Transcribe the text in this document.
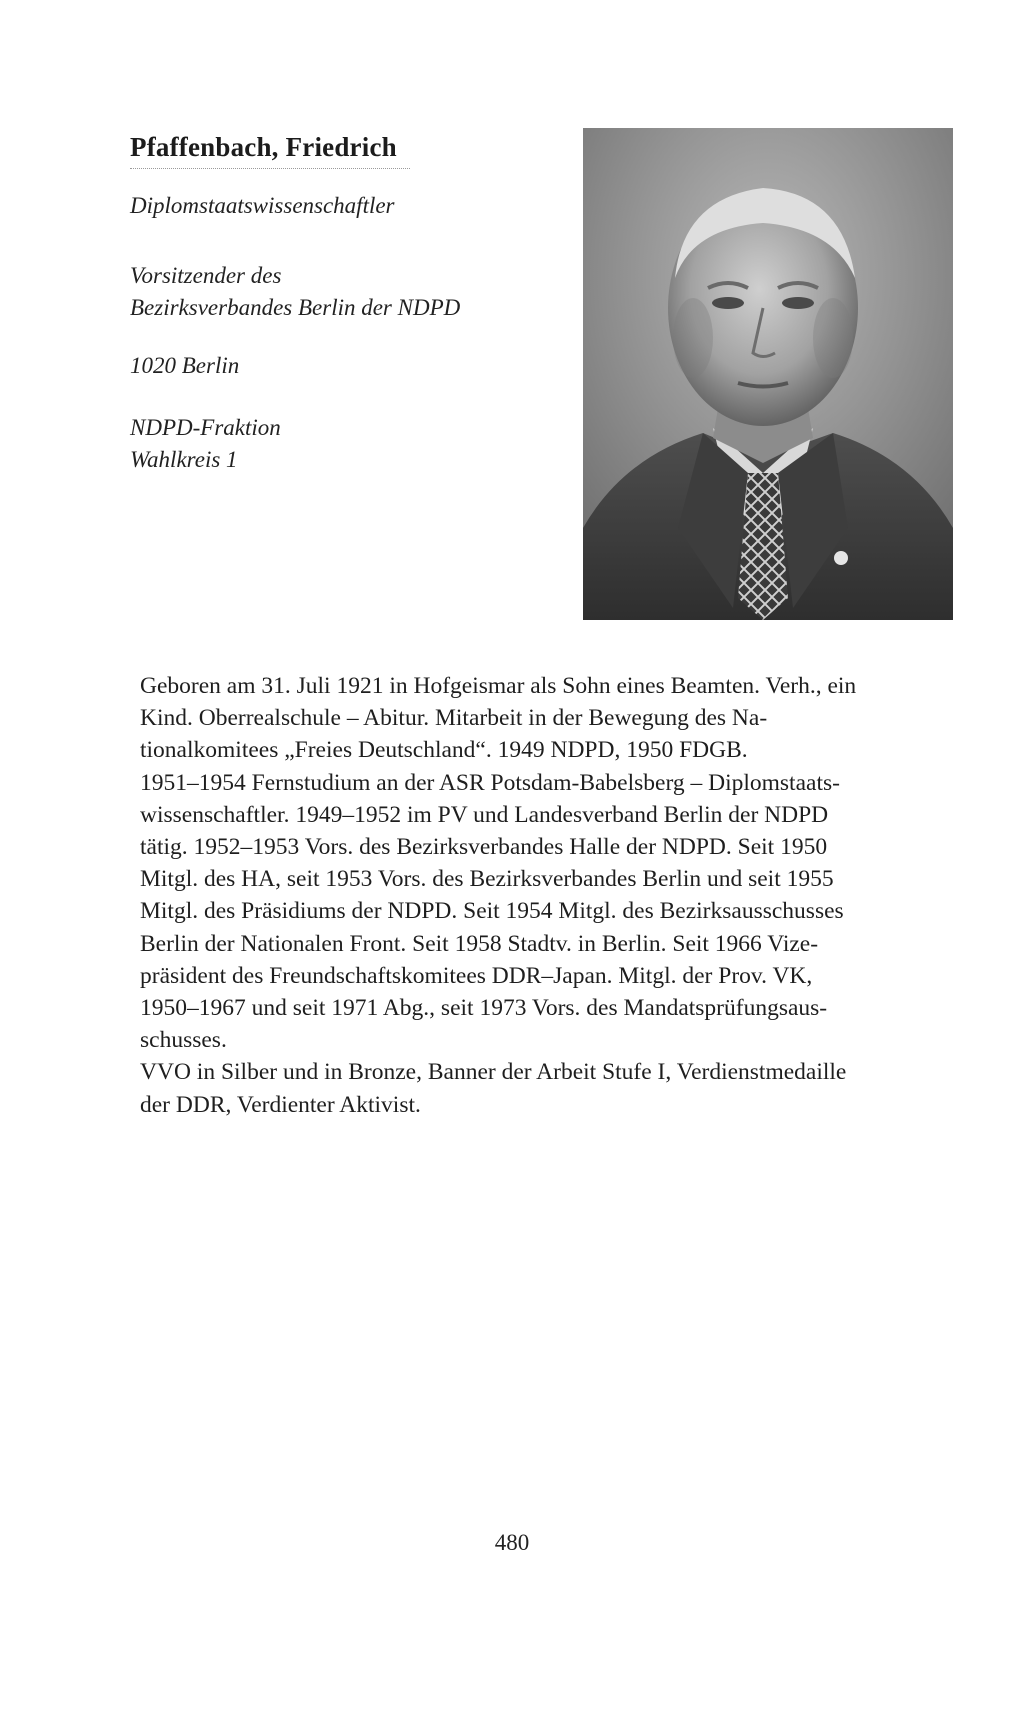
Pfaffenbach, Friedrich

Diplomstaatswissenschaftler

Vorsitzender des
Bezirksverbandes Berlin der NDPD

1020 Berlin

NDPD-Fraktion
Wahlkreis 1

Geboren am 31. Juli 1921 in Hofgeismar als Sohn eines Beamten. Verh., ein

Kind. Oberrealschule – Abitur. Mitarbeit in der Bewegung des Na-

tionalkomitees „Freies Deutschland“. 1949 NDPD, 1950 FDGB.

1951–1954 Fernstudium an der ASR Potsdam-Babelsberg – Diplomstaats-

wissenschaftler. 1949–1952 im PV und Landesverband Berlin der NDPD

tätig. 1952–1953 Vors. des Bezirksverbandes Halle der NDPD. Seit 1950

Mitgl. des HA, seit 1953 Vors. des Bezirksverbandes Berlin und seit 1955

Mitgl. des Präsidiums der NDPD. Seit 1954 Mitgl. des Bezirksausschusses

Berlin der Nationalen Front. Seit 1958 Stadtv. in Berlin. Seit 1966 Vize-

präsident des Freundschaftskomitees DDR–Japan. Mitgl. der Prov. VK,

1950–1967 und seit 1971 Abg., seit 1973 Vors. des Mandatsprüfungsaus-

schusses.

VVO in Silber und in Bronze, Banner der Arbeit Stufe I, Verdienstmedaille

der DDR, Verdienter Aktivist.

480
